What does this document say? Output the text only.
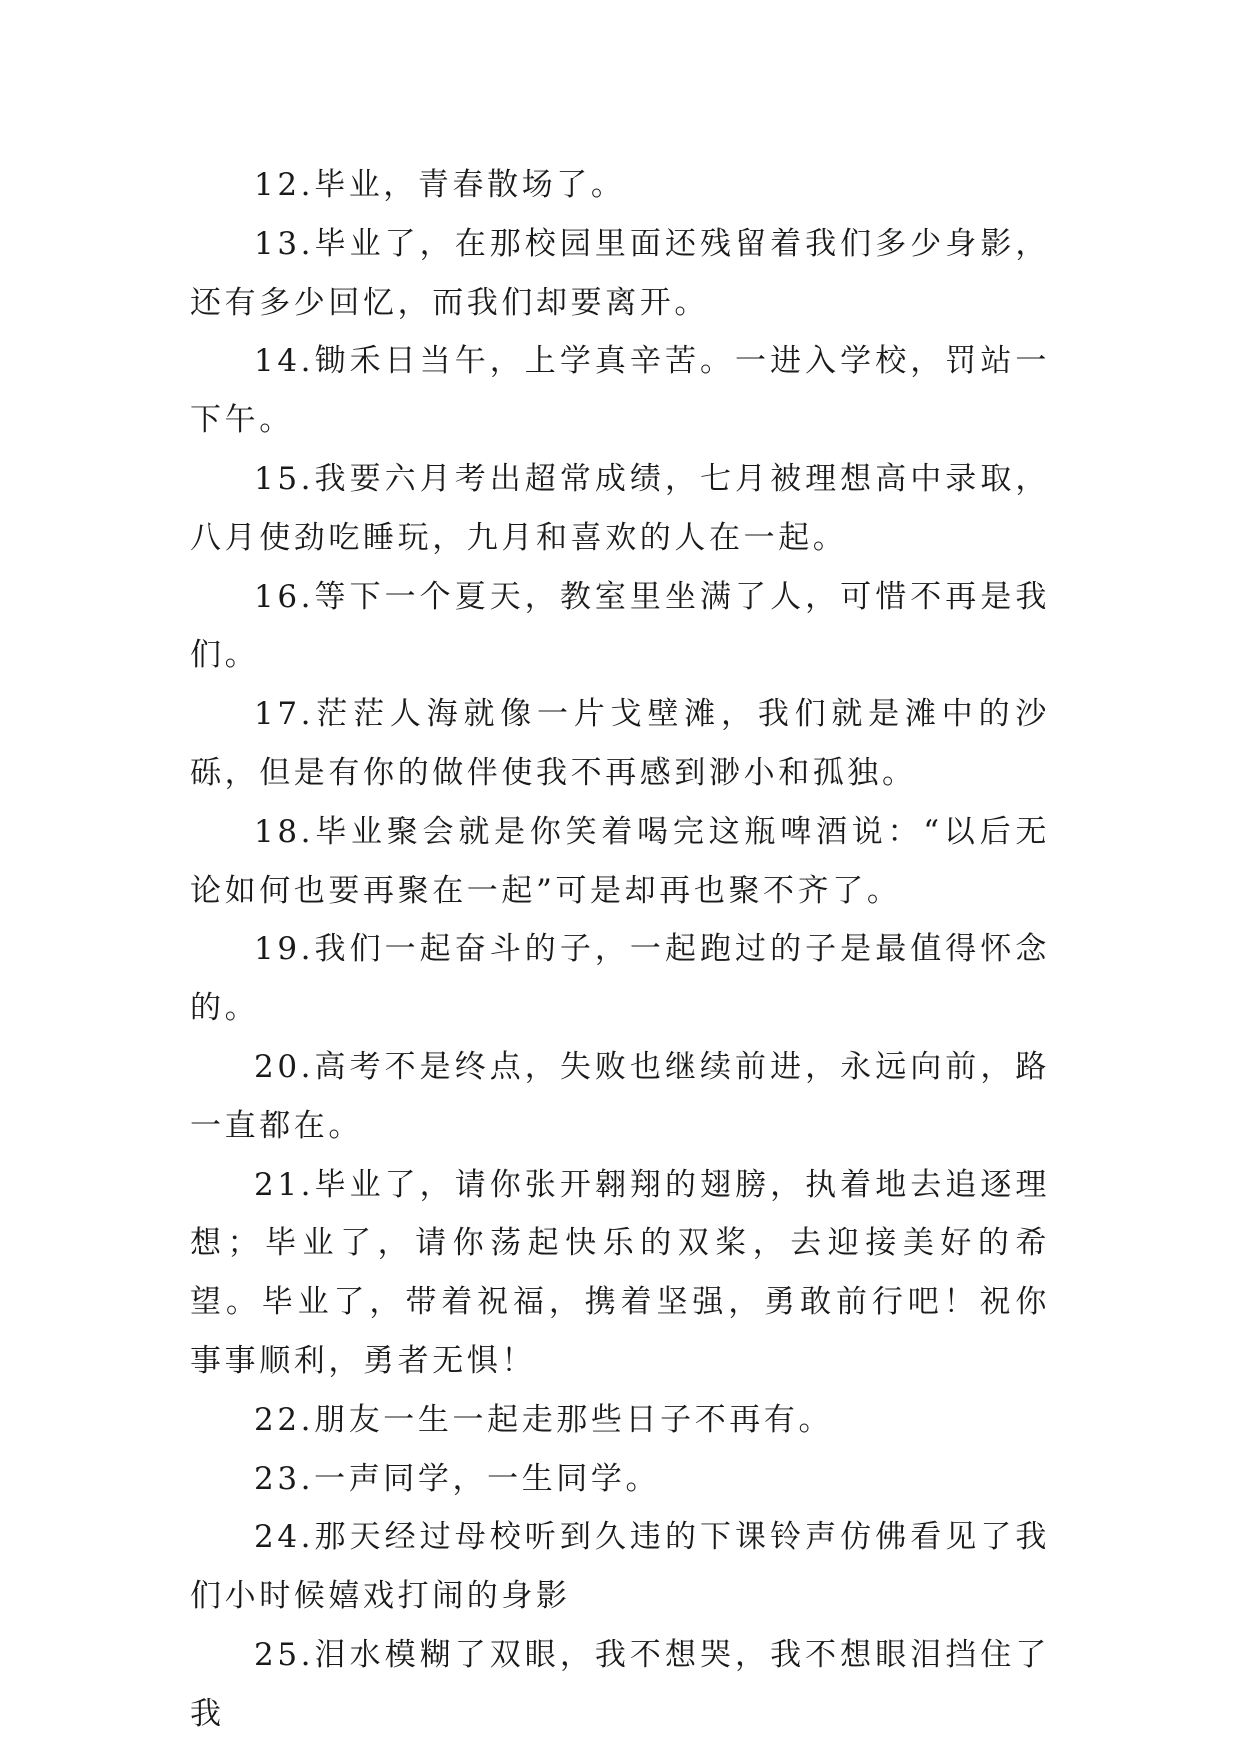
12.毕业，青春散场了。

13.毕业了，在那校园里面还残留着我们多少身影，还有多少回忆，而我们却要离开。

14.锄禾日当午，上学真辛苦。一进入学校，罚站一下午。

15.我要六月考出超常成绩，七月被理想高中录取，八月使劲吃睡玩，九月和喜欢的人在一起。

16.等下一个夏天，教室里坐满了人，可惜不再是我们。

17.茫茫人海就像一片戈壁滩，我们就是滩中的沙砾，但是有你的做伴使我不再感到渺小和孤独。

18.毕业聚会就是你笑着喝完这瓶啤酒说：“以后无论如何也要再聚在一起”可是却再也聚不齐了。

19.我们一起奋斗的子，一起跑过的子是最值得怀念的。

20.高考不是终点，失败也继续前进，永远向前，路一直都在。

21.毕业了，请你张开翱翔的翅膀，执着地去追逐理想；毕业了，请你荡起快乐的双桨，去迎接美好的希望。毕业了，带着祝福，携着坚强，勇敢前行吧！祝你事事顺利，勇者无惧！

22.朋友一生一起走那些日子不再有。

23.一声同学，一生同学。

24.那天经过母校听到久违的下课铃声仿佛看见了我们小时候嬉戏打闹的身影

25.泪水模糊了双眼，我不想哭，我不想眼泪挡住了我
